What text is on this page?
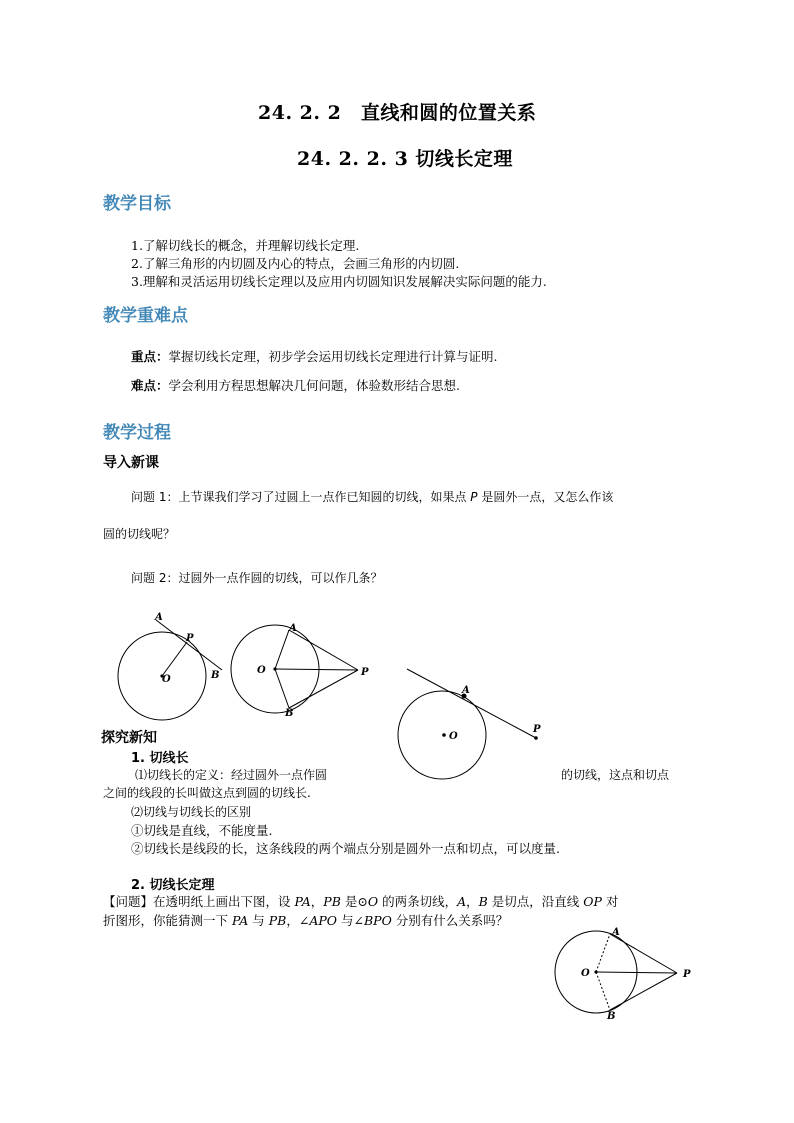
24. 2. 2　直线和圆的位置关系
24. 2. 2. 3 切线长定理
教学目标
1.了解切线长的概念，并理解切线长定理.
2.了解三角形的内切圆及内心的特点，会画三角形的内切圆.
3.理解和灵活运用切线长定理以及应用内切圆知识发展解决实际问题的能力.
教学重难点
重点：掌握切线长定理，初步学会运用切线长定理进行计算与证明.
难点：学会利用方程思想解决几何问题，体验数形结合思想.
教学过程
导入新课
问题 1：上节课我们学习了过圆上一点作已知圆的切线，如果点 P 是圆外一点，又怎么作该
圆的切线呢？
问题 2：过圆外一点作圆的切线，可以作几条？
A
P
B
O
A
P
B
O
A
P
O
A
P
B
O
探究新知
1. 切线长
⑴切线长的定义：经过圆外一点作圆	的切线，这点和切点
之间的线段的长叫做这点到圆的切线长.
⑵切线与切线长的区别
①切线是直线，不能度量.
②切线长是线段的长，这条线段的两个端点分别是圆外一点和切点，可以度量.
2. 切线长定理
【问题】在透明纸上画出下图，设 PA，PB 是⊙O 的两条切线，A，B 是切点，沿直线 OP 对
折图形，你能猜测一下 PA 与 PB，∠APO 与∠BPO 分别有什么关系吗？
